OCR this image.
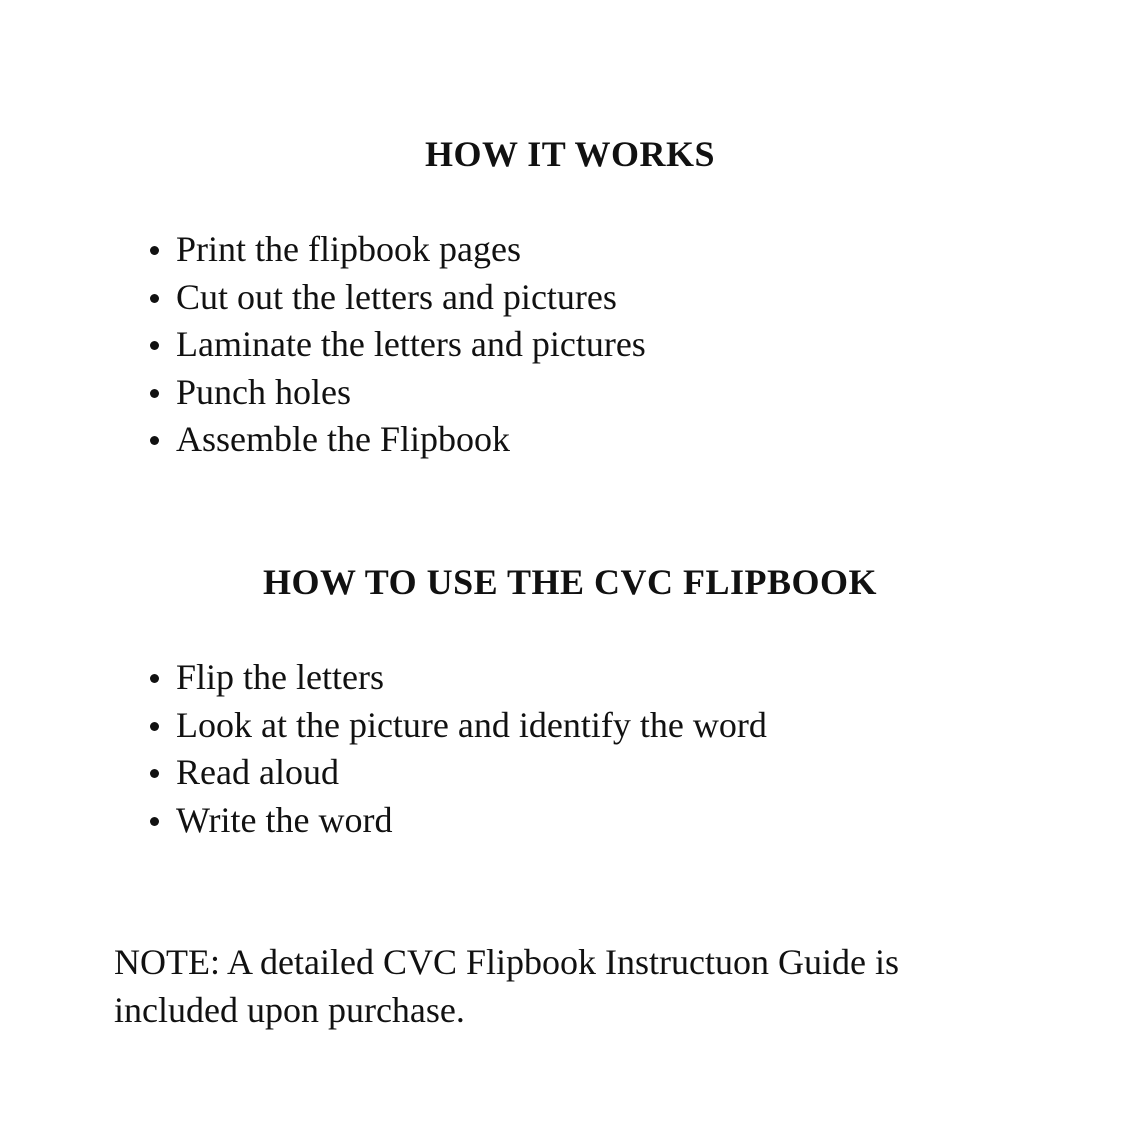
HOW IT WORKS
Print the flipbook pages
Cut out the letters and pictures
Laminate the letters and pictures
Punch holes
Assemble the Flipbook
HOW TO USE THE CVC FLIPBOOK
Flip the letters
Look at the picture and identify the word
Read aloud
Write the word

NOTE: A detailed CVC Flipbook Instructuon Guide is
included upon purchase.
